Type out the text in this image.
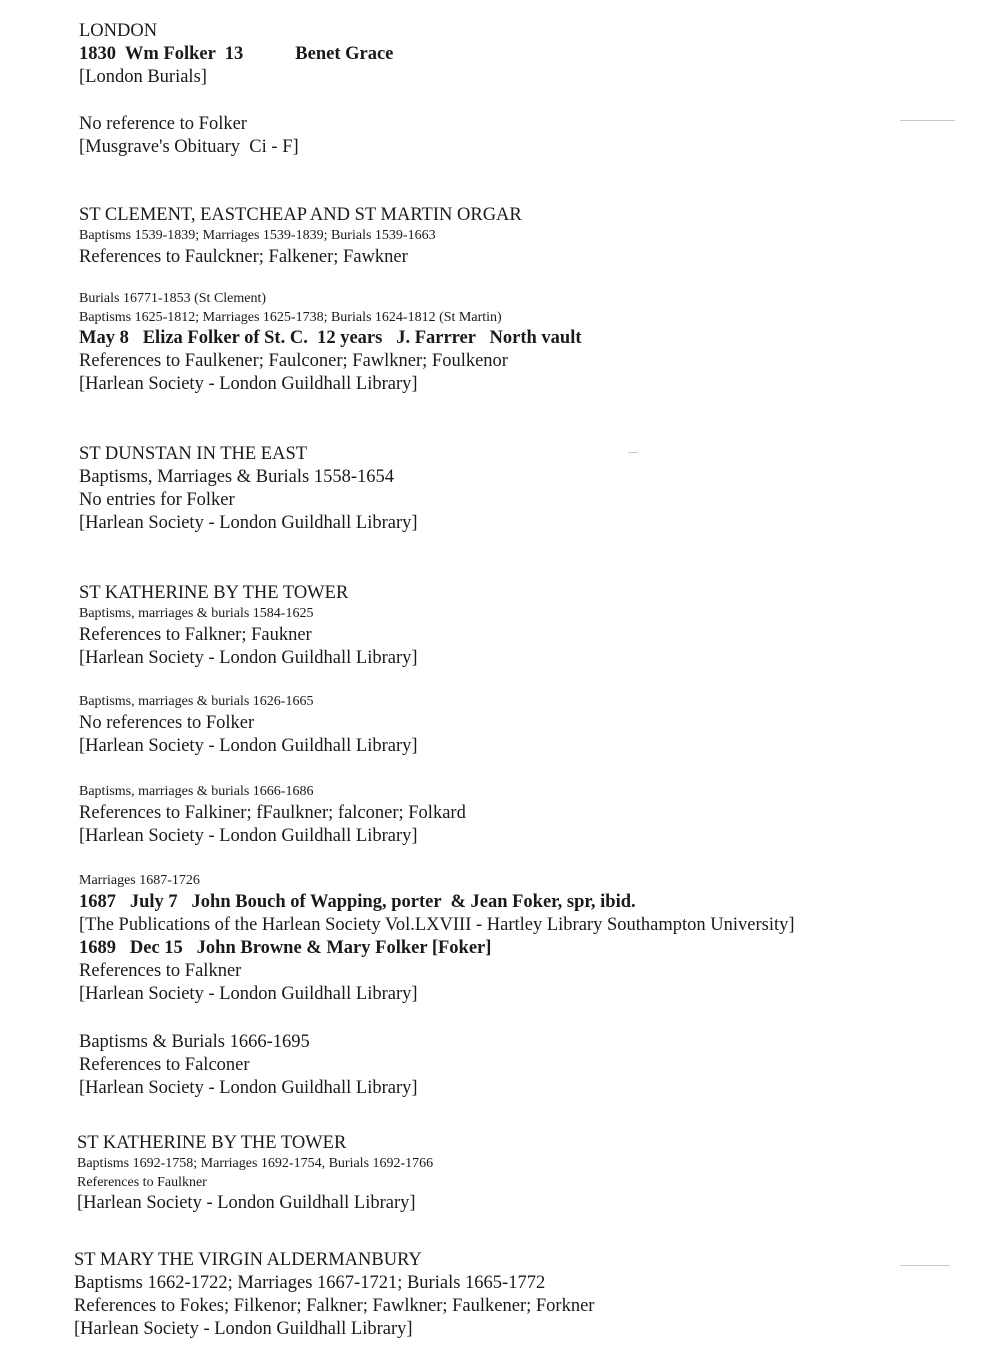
LONDON
1830 Wm Folker 13	Benet Grace
[London Burials]
No reference to Folker
[Musgrave's Obituary  Ci - F]
ST CLEMENT, EASTCHEAP AND ST MARTIN ORGAR
Baptisms 1539-1839; Marriages 1539-1839; Burials 1539-1663
References to Faulckner; Falkener; Fawkner
Burials 16771-1853 (St Clement)
Baptisms 1625-1812; Marriages 1625-1738; Burials 1624-1812 (St Martin)
May 8   Eliza Folker of St. C.  12 years   J. Farrrer   North vault
References to Faulkener; Faulconer; Fawlkner; Foulkenor
[Harlean Society - London Guildhall Library]
ST DUNSTAN IN THE EAST
Baptisms, Marriages & Burials 1558-1654
No entries for Folker
[Harlean Society - London Guildhall Library]
ST KATHERINE BY THE TOWER
Baptisms, marriages & burials 1584-1625
References to Falkner; Faukner
[Harlean Society - London Guildhall Library]
Baptisms, marriages & burials 1626-1665
No references to Folker
[Harlean Society - London Guildhall Library]
Baptisms, marriages & burials 1666-1686
References to Falkiner; fFaulkner; falconer; Folkard
[Harlean Society - London Guildhall Library]
Marriages 1687-1726
1687   July 7   John Bouch of Wapping, porter  & Jean Foker, spr, ibid.
[The Publications of the Harlean Society Vol.LXVIII - Hartley Library Southampton University]
1689   Dec 15   John Browne & Mary Folker [Foker]
References to Falkner
[Harlean Society - London Guildhall Library]
Baptisms & Burials 1666-1695
References to Falconer
[Harlean Society - London Guildhall Library]
ST KATHERINE BY THE TOWER
Baptisms 1692-1758; Marriages 1692-1754, Burials 1692-1766
References to Faulkner
[Harlean Society - London Guildhall Library]
ST MARY THE VIRGIN ALDERMANBURY
Baptisms 1662-1722; Marriages 1667-1721; Burials 1665-1772
References to Fokes; Filkenor; Falkner; Fawlkner; Faulkener; Forkner
[Harlean Society - London Guildhall Library]
